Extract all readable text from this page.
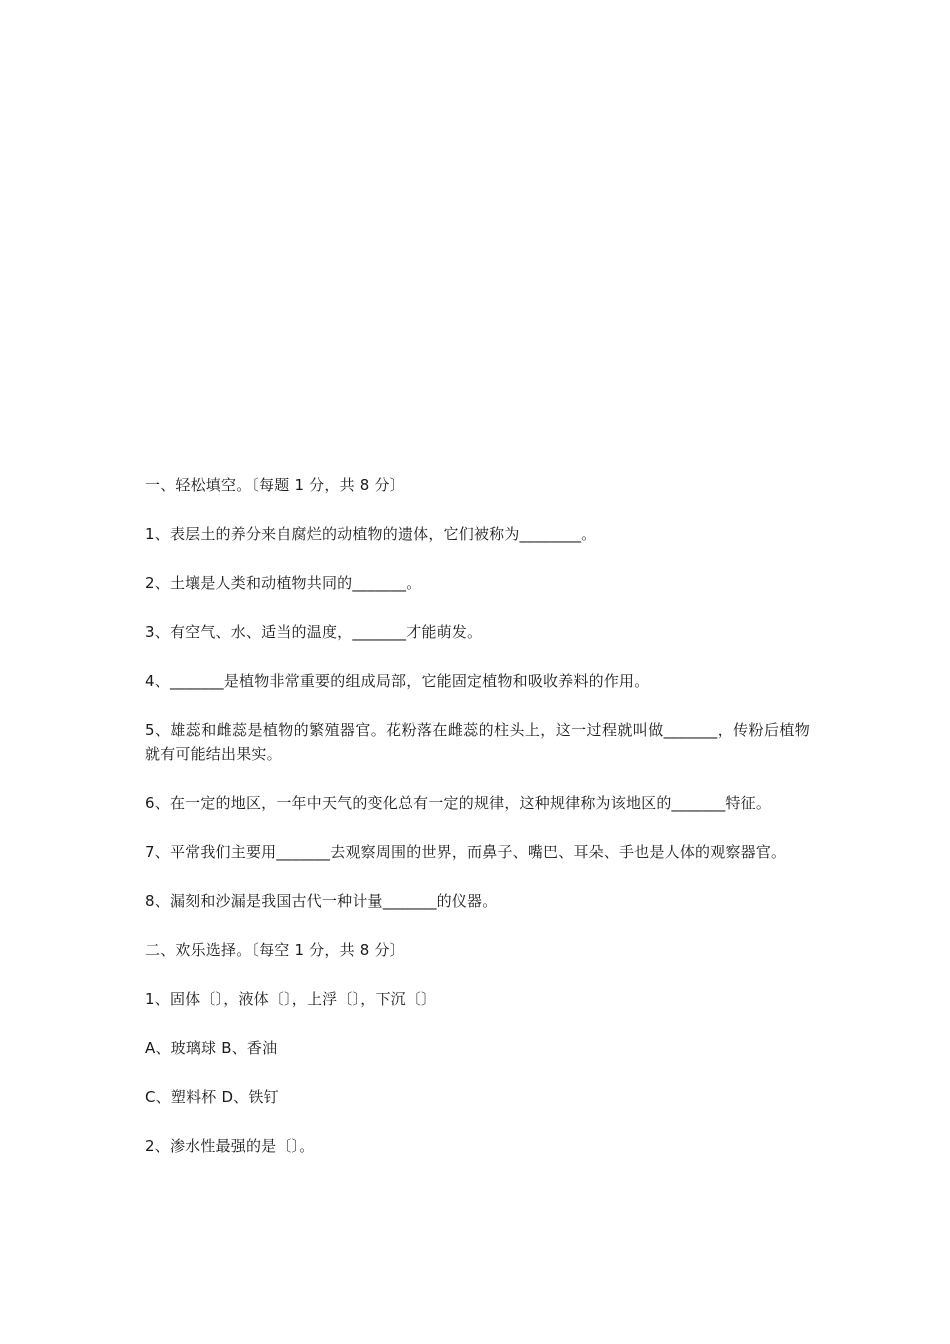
一、轻松填空。〔每题 1 分，共 8 分〕

1、表层土的养分来自腐烂的动植物的遗体，它们被称为________。

2、土壤是人类和动植物共同的_______。

3、有空气、水、适当的温度，_______才能萌发。

4、_______是植物非常重要的组成局部，它能固定植物和吸收养料的作用。

5、雄蕊和雌蕊是植物的繁殖器官。花粉落在雌蕊的柱头上，这一过程就叫做_______，传粉后植物就有可能结出果实。

6、在一定的地区，一年中天气的变化总有一定的规律，这种规律称为该地区的_______特征。

7、平常我们主要用_______去观察周围的世界，而鼻子、嘴巴、耳朵、手也是人体的观察器官。

8、漏刻和沙漏是我国古代一种计量_______的仪器。

二、欢乐选择。〔每空 1 分，共 8 分〕

1、固体〔〕，液体〔〕，上浮〔〕，下沉〔〕

A、玻璃球 B、香油

C、塑料杯 D、铁钉

2、渗水性最强的是〔〕。
